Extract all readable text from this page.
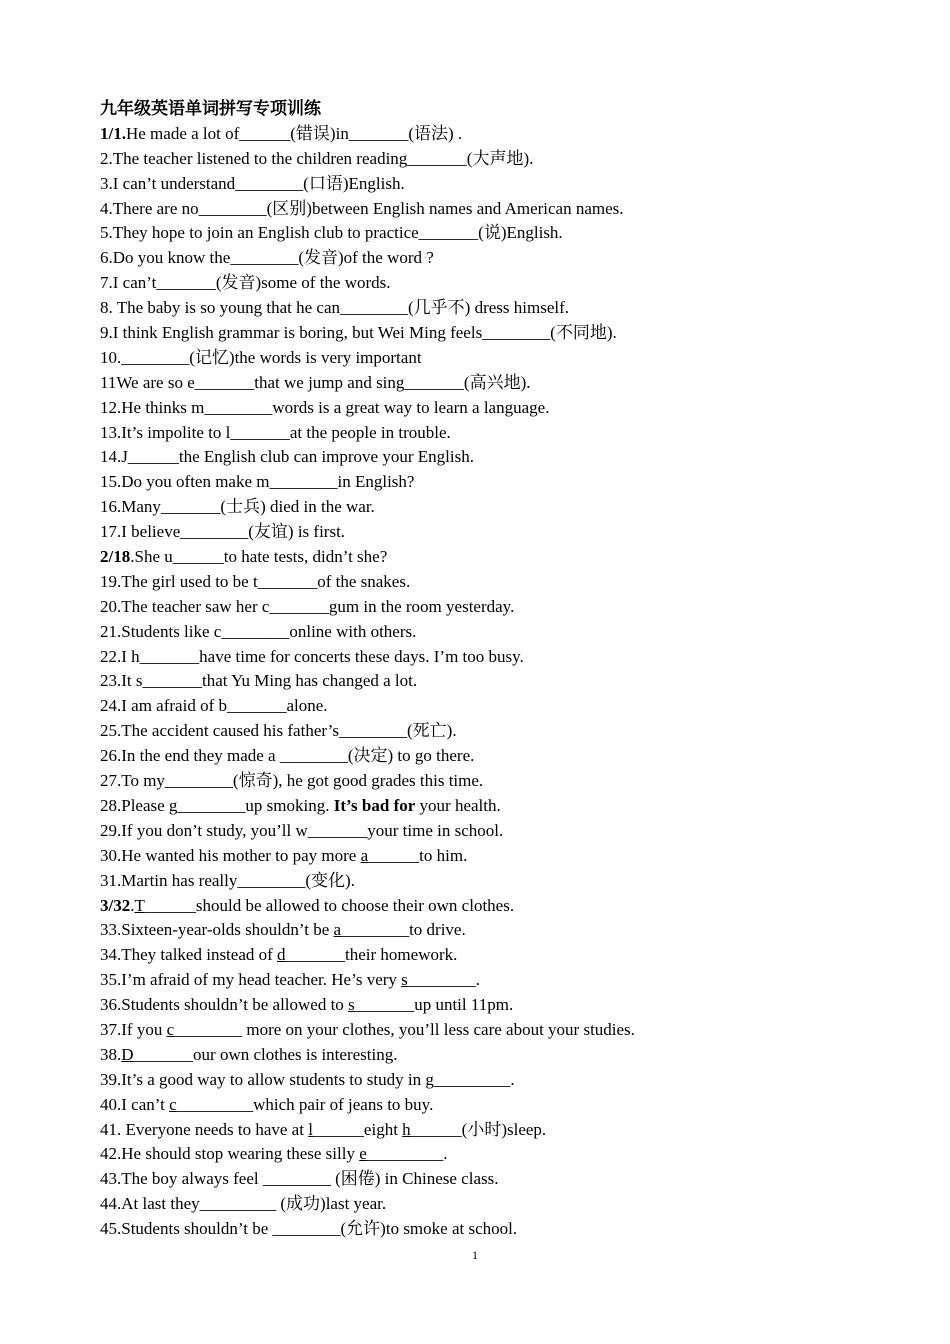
九年级英语单词拼写专项训练
1/1.He made a lot of______(错误)in_______(语法) .
2.The teacher listened to the children reading_______(大声地).
3.I can’t understand________(口语)English.
4.There are no________(区别)between English names and American names.
5.They hope to join an English club to practice_______(说)English.
6.Do you know the________(发音)of the word ?
7.I can’t_______(发音)some of the words.
8. The baby is so young that he can________(几乎不) dress himself.
9.I think English grammar is boring, but Wei Ming feels________(不同地).
10.________(记忆)the words is very important
11We are so e_______that we jump and sing_______(高兴地).
12.He thinks m________words is a great way to learn a language.
13.It’s impolite to l_______at the people in trouble.
14.J______the English club can improve your English.
15.Do you often make m________in English?
16.Many_______(士兵) died in the war.
17.I believe________(友谊) is first.
2/18.She u______to hate tests, didn’t she?
19.The girl used to be t_______of the snakes.
20.The teacher saw her c_______gum in the room yesterday.
21.Students like c________online with others.
22.I h_______have time for concerts these days. I’m too busy.
23.It s_______that Yu Ming has changed a lot.
24.I am afraid of b_______alone.
25.The accident caused his father’s________(死亡).
26.In the end they made a ________(决定) to go there.
27.To my________(惊奇), he got good grades this time.
28.Please g________up smoking. It’s bad for your health.
29.If you don’t study, you’ll w_______your time in school.
30.He wanted his mother to pay more a______to him.
31.Martin has really________(变化).
3/32.T______should be allowed to choose their own clothes.
33.Sixteen-year-olds shouldn’t be a________to drive.
34.They talked instead of d_______their homework.
35.I’m afraid of my head teacher. He’s very s________.
36.Students shouldn’t be allowed to s_______up until 11pm.
37.If you c________ more on your clothes, you’ll less care about your studies.
38.D_______our own clothes is interesting.
39.It’s a good way to allow students to study in g_________.
40.I can’t c_________which pair of jeans to buy.
41. Everyone needs to have at l______eight h______(小时)sleep.
42.He should stop wearing these silly e_________.
43.The boy always feel ________ (困倦) in Chinese class.
44.At last they_________ (成功)last year.
45.Students shouldn’t be ________(允许)to smoke at school.
1
